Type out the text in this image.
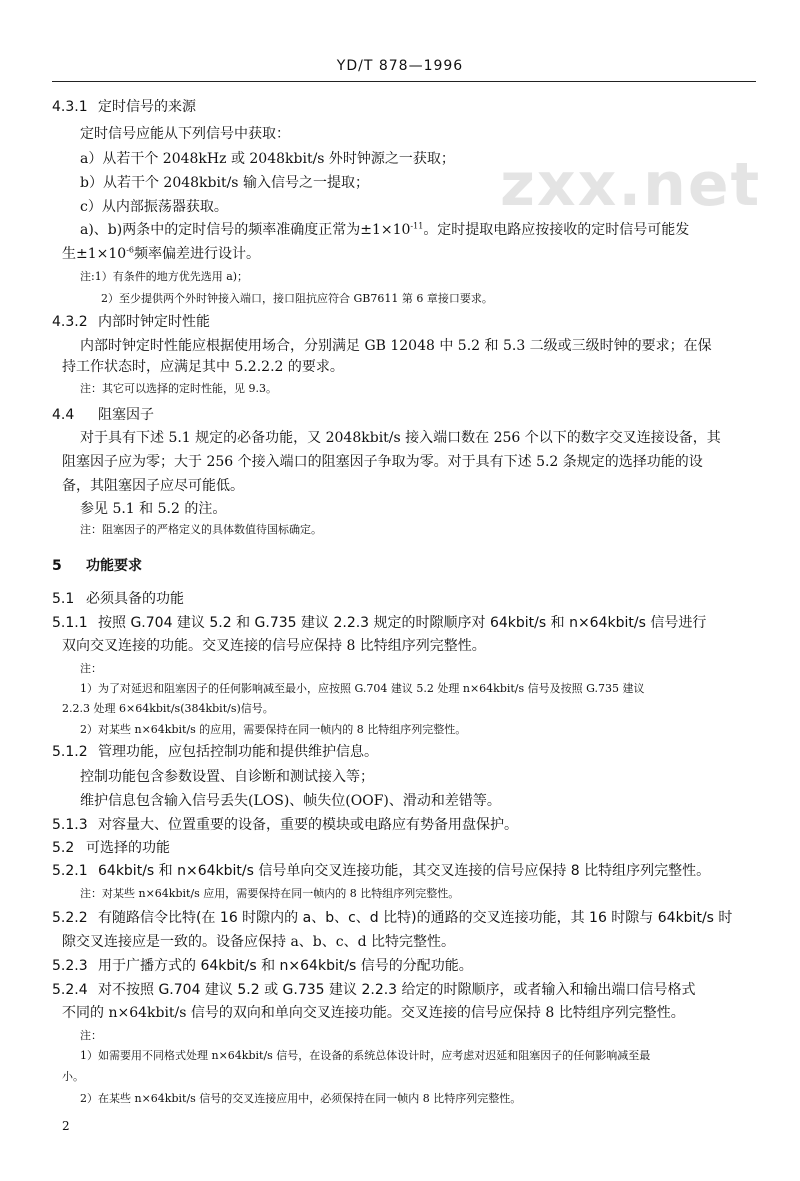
YD/T 878—1996
zxx.net
4.3.1 定时信号的来源
定时信号应能从下列信号中获取：
a）从若干个 2048kHz 或 2048kbit/s 外时钟源之一获取；
b）从若干个 2048kbit/s 输入信号之一提取；
c）从内部振荡器获取。
a)、b)两条中的定时信号的频率准确度正常为$\pm 1\times 10^{-11}$。定时提取电路应按接收的定时信号可能发
生$\pm 1\times 10^{-6}$频率偏差进行设计。
注:1）有条件的地方优先选用 a)；
2）至少提供两个外时钟接入端口，接口阻抗应符合 GB7611 第 6 章接口要求。
4.3.2 内部时钟定时性能
内部时钟定时性能应根据使用场合，分别满足 GB 12048 中 5.2 和 5.3 二级或三级时钟的要求；在保
持工作状态时，应满足其中 5.2.2.2 的要求。
注：其它可以选择的定时性能，见 9.3。
4.4 阻塞因子
对于具有下述 5.1 规定的必备功能，又 2048kbit/s 接入端口数在 256 个以下的数字交叉连接设备，其
阻塞因子应为零；大于 256 个接入端口的阻塞因子争取为零。对于具有下述 5.2 条规定的选择功能的设
备，其阻塞因子应尽可能低。
参见 5.1 和 5.2 的注。
注：阻塞因子的严格定义的具体数值待国标确定。
5 功能要求
5.1 必须具备的功能
5.1.1 按照 G.704 建议 5.2 和 G.735 建议 2.2.3 规定的时隙顺序对 64kbit/s 和 n×64kbit/s 信号进行
双向交叉连接的功能。交叉连接的信号应保持 8 比特组序列完整性。
注：
1）为了对延迟和阻塞因子的任何影响减至最小，应按照 G.704 建议 5.2 处理 n×64kbit/s 信号及按照 G.735 建议
2.2.3 处理 6×64kbit/s(384kbit/s)信号。
2）对某些 n×64kbit/s 的应用，需要保持在同一帧内的 8 比特组序列完整性。
5.1.2 管理功能，应包括控制功能和提供维护信息。
控制功能包含参数设置、自诊断和测试接入等；
维护信息包含输入信号丢失(LOS)、帧失位(OOF)、滑动和差错等。
5.1.3 对容量大、位置重要的设备，重要的模块或电路应有势备用盘保护。
5.2 可选择的功能
5.2.1 64kbit/s 和 n×64kbit/s 信号单向交叉连接功能，其交叉连接的信号应保持 8 比特组序列完整性。
注：对某些 n×64kbit/s 应用，需要保持在同一帧内的 8 比特组序列完整性。
5.2.2 有随路信令比特(在 16 时隙内的 a、b、c、d 比特)的通路的交叉连接功能，其 16 时隙与 64kbit/s 时
隙交叉连接应是一致的。设备应保持 a、b、c、d 比特完整性。
5.2.3 用于广播方式的 64kbit/s 和 n×64kbit/s 信号的分配功能。
5.2.4 对不按照 G.704 建议 5.2 或 G.735 建议 2.2.3 给定的时隙顺序，或者输入和输出端口信号格式
不同的 n×64kbit/s 信号的双向和单向交叉连接功能。交叉连接的信号应保持 8 比特组序列完整性。
注：
1）如需要用不同格式处理 n×64kbit/s 信号，在设备的系统总体设计时，应考虑对迟延和阻塞因子的任何影响减至最
小。
2）在某些 n×64kbit/s 信号的交叉连接应用中，必须保持在同一帧内 8 比特序列完整性。
2
